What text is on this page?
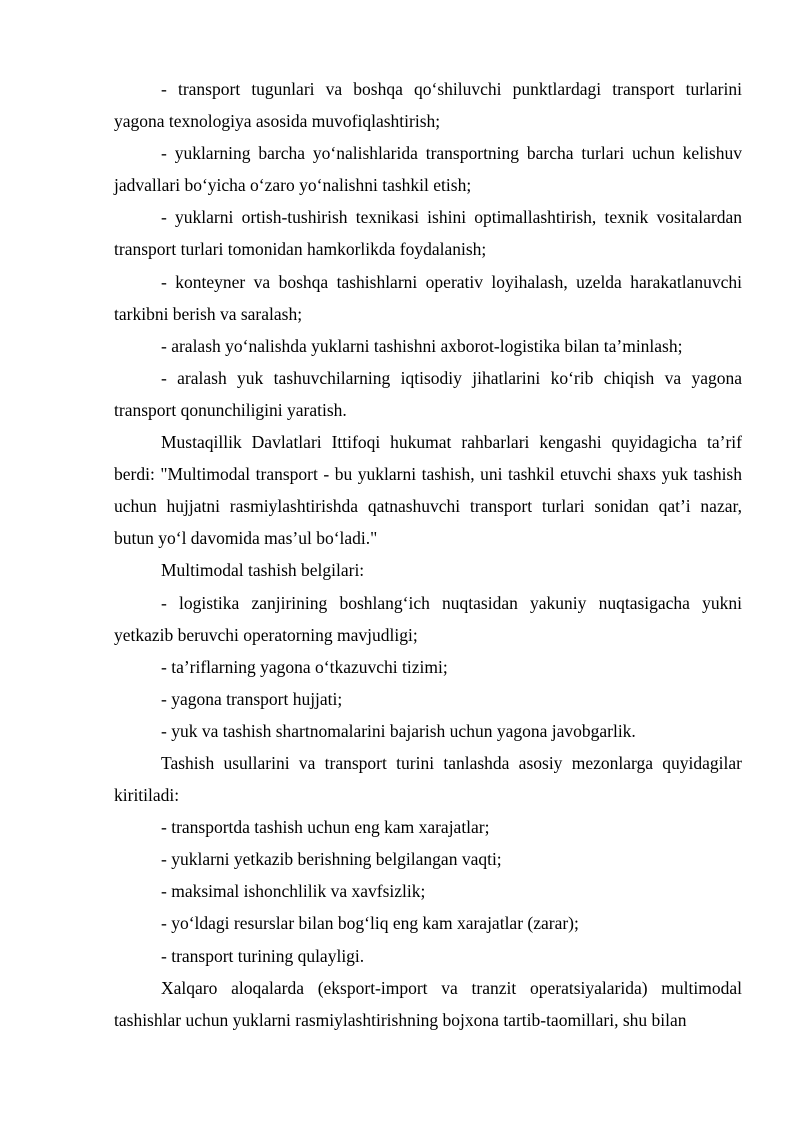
- transport tugunlari va boshqa qo‘shiluvchi punktlardagi transport turlarini yagona texnologiya asosida muvofiqlashtirish;

- yuklarning barcha yo‘nalishlarida transportning barcha turlari uchun kelishuv jadvallari bo‘yicha o‘zaro yo‘nalishni tashkil etish;

- yuklarni ortish-tushirish texnikasi ishini optimallashtirish, texnik vositalardan transport turlari tomonidan hamkorlikda foydalanish;

- konteyner va boshqa tashishlarni operativ loyihalash, uzelda harakatlanuvchi tarkibni berish va saralash;

- aralash yo‘nalishda yuklarni tashishni axborot-logistika bilan ta’minlash;

- aralash yuk tashuvchilarning iqtisodiy jihatlarini ko‘rib chiqish va yagona transport qonunchiligini yaratish.

Mustaqillik Davlatlari Ittifoqi hukumat rahbarlari kengashi quyidagicha ta’rif berdi: "Multimodal transport - bu yuklarni tashish, uni tashkil etuvchi shaxs yuk tashish uchun hujjatni rasmiylashtirishda qatnashuvchi transport turlari sonidan qat’i nazar, butun yo‘l davomida mas’ul bo‘ladi."

Multimodal tashish belgilari:

- logistika zanjirining boshlang‘ich nuqtasidan yakuniy nuqtasigacha yukni yetkazib beruvchi operatorning mavjudligi;

- ta’riflarning yagona o‘tkazuvchi tizimi;

- yagona transport hujjati;

- yuk va tashish shartnomalarini bajarish uchun yagona javobgarlik.

Tashish usullarini va transport turini tanlashda asosiy mezonlarga quyidagilar kiritiladi:

- transportda tashish uchun eng kam xarajatlar;

- yuklarni yetkazib berishning belgilangan vaqti;

- maksimal ishonchlilik va xavfsizlik;

- yo‘ldagi resurslar bilan bog‘liq eng kam xarajatlar (zarar);

- transport turining qulayligi.

Xalqaro aloqalarda (eksport-import va tranzit operatsiyalarida) multimodal tashishlar uchun yuklarni rasmiylashtirishning bojxona tartib-taomillari, shu bilan
